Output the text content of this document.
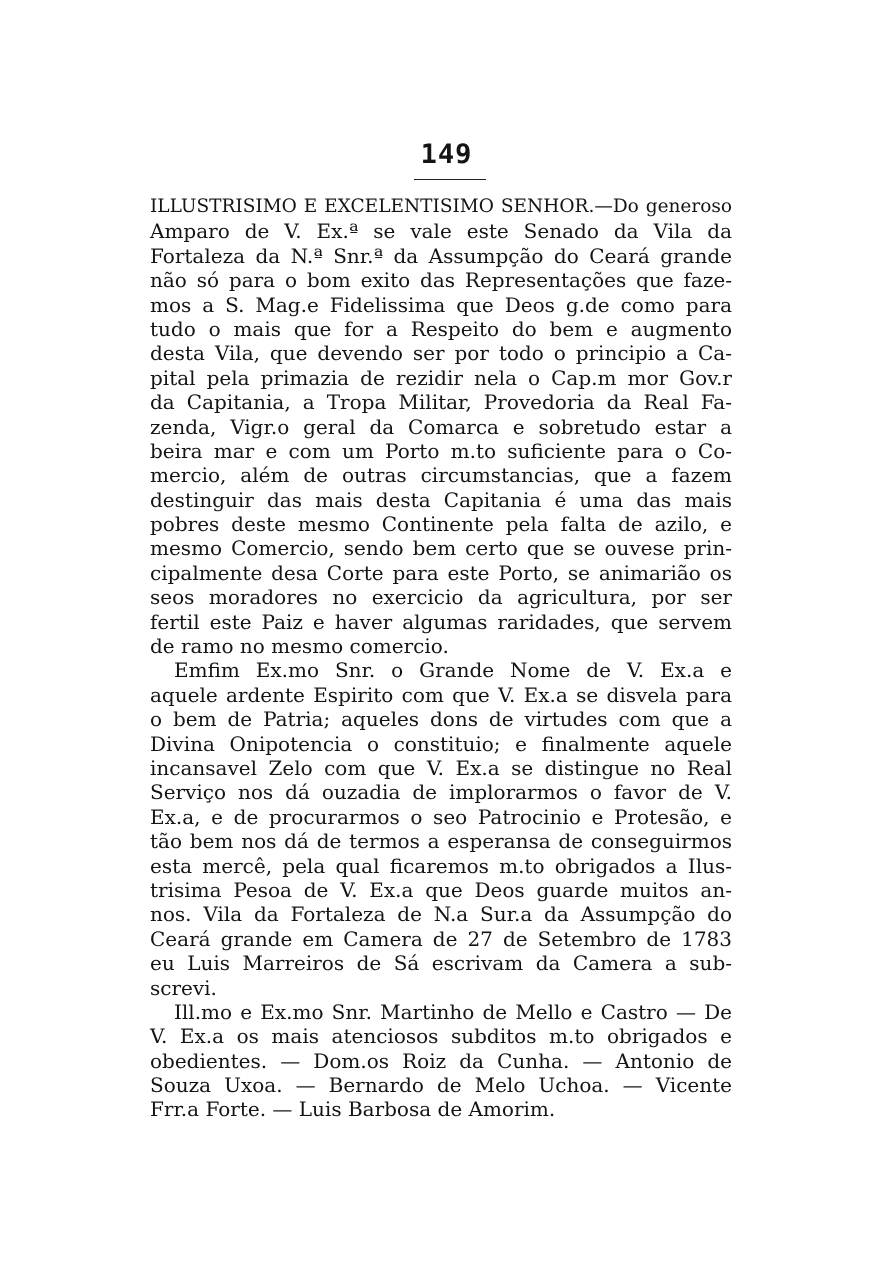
149
ILLUSTRISIMO E EXCELENTISIMO SENHOR.—Do generoso
Amparo de V. Ex.ª se vale este Senado da Vila da
Fortaleza da N.ª Snr.ª da Assumpção do Ceará grande
não só para o bom exito das Representações que faze-
mos a S. Mag.e Fidelissima que Deos g.de como para
tudo o mais que for a Respeito do bem e augmento
desta Vila, que devendo ser por todo o principio a Ca-
pital pela primazia de rezidir nela o Cap.m mor Gov.r
da Capitania, a Tropa Militar, Provedoria da Real Fa-
zenda, Vigr.o geral da Comarca e sobretudo estar a
beira mar e com um Porto m.to suficiente para o Co-
mercio, além de outras circumstancias, que a fazem
destinguir das mais desta Capitania é uma das mais
pobres deste mesmo Continente pela falta de azilo, e
mesmo Comercio, sendo bem certo que se ouvese prin-
cipalmente desa Corte para este Porto, se animarião os
seos moradores no exercicio da agricultura, por ser
fertil este Paiz e haver algumas raridades, que servem
de ramo no mesmo comercio.
Emfim Ex.mo Snr. o Grande Nome de V. Ex.a e
aquele ardente Espirito com que V. Ex.a se disvela para
o bem de Patria; aqueles dons de virtudes com que a
Divina Onipotencia o constituio; e finalmente aquele
incansavel Zelo com que V. Ex.a se distingue no Real
Serviço nos dá ouzadia de implorarmos o favor de V.
Ex.a, e de procurarmos o seo Patrocinio e Protesão, e
tão bem nos dá de termos a esperansa de conseguirmos
esta mercê, pela qual ficaremos m.to obrigados a Ilus-
trisima Pesoa de V. Ex.a que Deos guarde muitos an-
nos. Vila da Fortaleza de N.a Sur.a da Assumpção do
Ceará grande em Camera de 27 de Setembro de 1783
eu Luis Marreiros de Sá escrivam da Camera a sub-
screvi.
Ill.mo e Ex.mo Snr. Martinho de Mello e Castro — De
V. Ex.a os mais atenciosos subditos m.to obrigados e
obedientes. — Dom.os Roiz da Cunha. — Antonio de
Souza Uxoa. — Bernardo de Melo Uchoa. — Vicente
Frr.a Forte. — Luis Barbosa de Amorim.
